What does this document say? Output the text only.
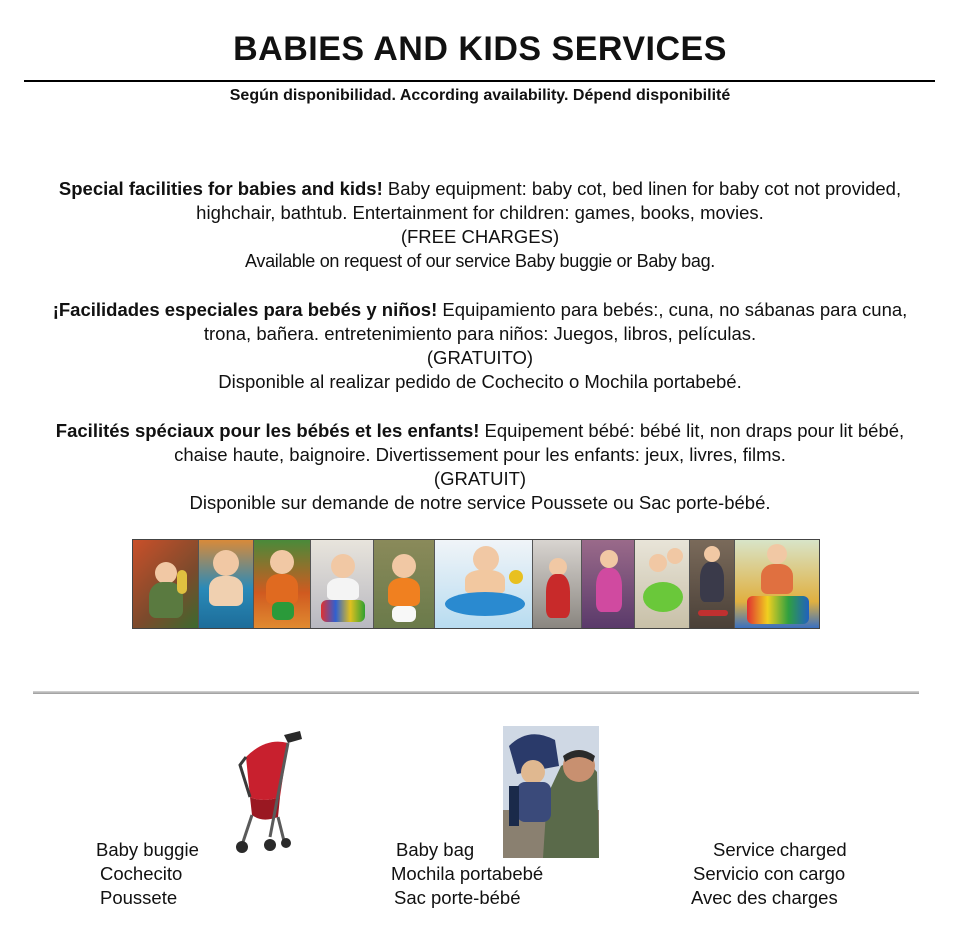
BABIES AND KIDS SERVICES
Según disponibilidad. According availability. Dépend disponibilité
Special facilities for babies and kids! Baby equipment: baby cot, bed linen for baby cot not provided, highchair, bathtub. Entertainment for children: games, books, movies.
(FREE CHARGES)
Available on request of our service Baby buggie or Baby bag.
¡Facilidades especiales para bebés y niños! Equipamiento para bebés:, cuna, no sábanas para cuna, trona, bañera. entretenimiento para niños: Juegos, libros, películas.
(GRATUITO)
Disponible al realizar pedido de Cochecito o Mochila portabebé.
Facilités spéciaux pour les bébés et les enfants! Equipement bébé: bébé lit, non draps pour lit bébé, chaise haute, baignoire. Divertissement pour les enfants: jeux, livres, films.
(GRATUIT)
Disponible sur demande de notre service Poussete ou Sac porte-bébé.
Baby buggie
Cochecito
Poussete
Baby bag
Mochila portabebé
Sac porte-bébé
Service charged
Servicio con cargo
Avec des charges
